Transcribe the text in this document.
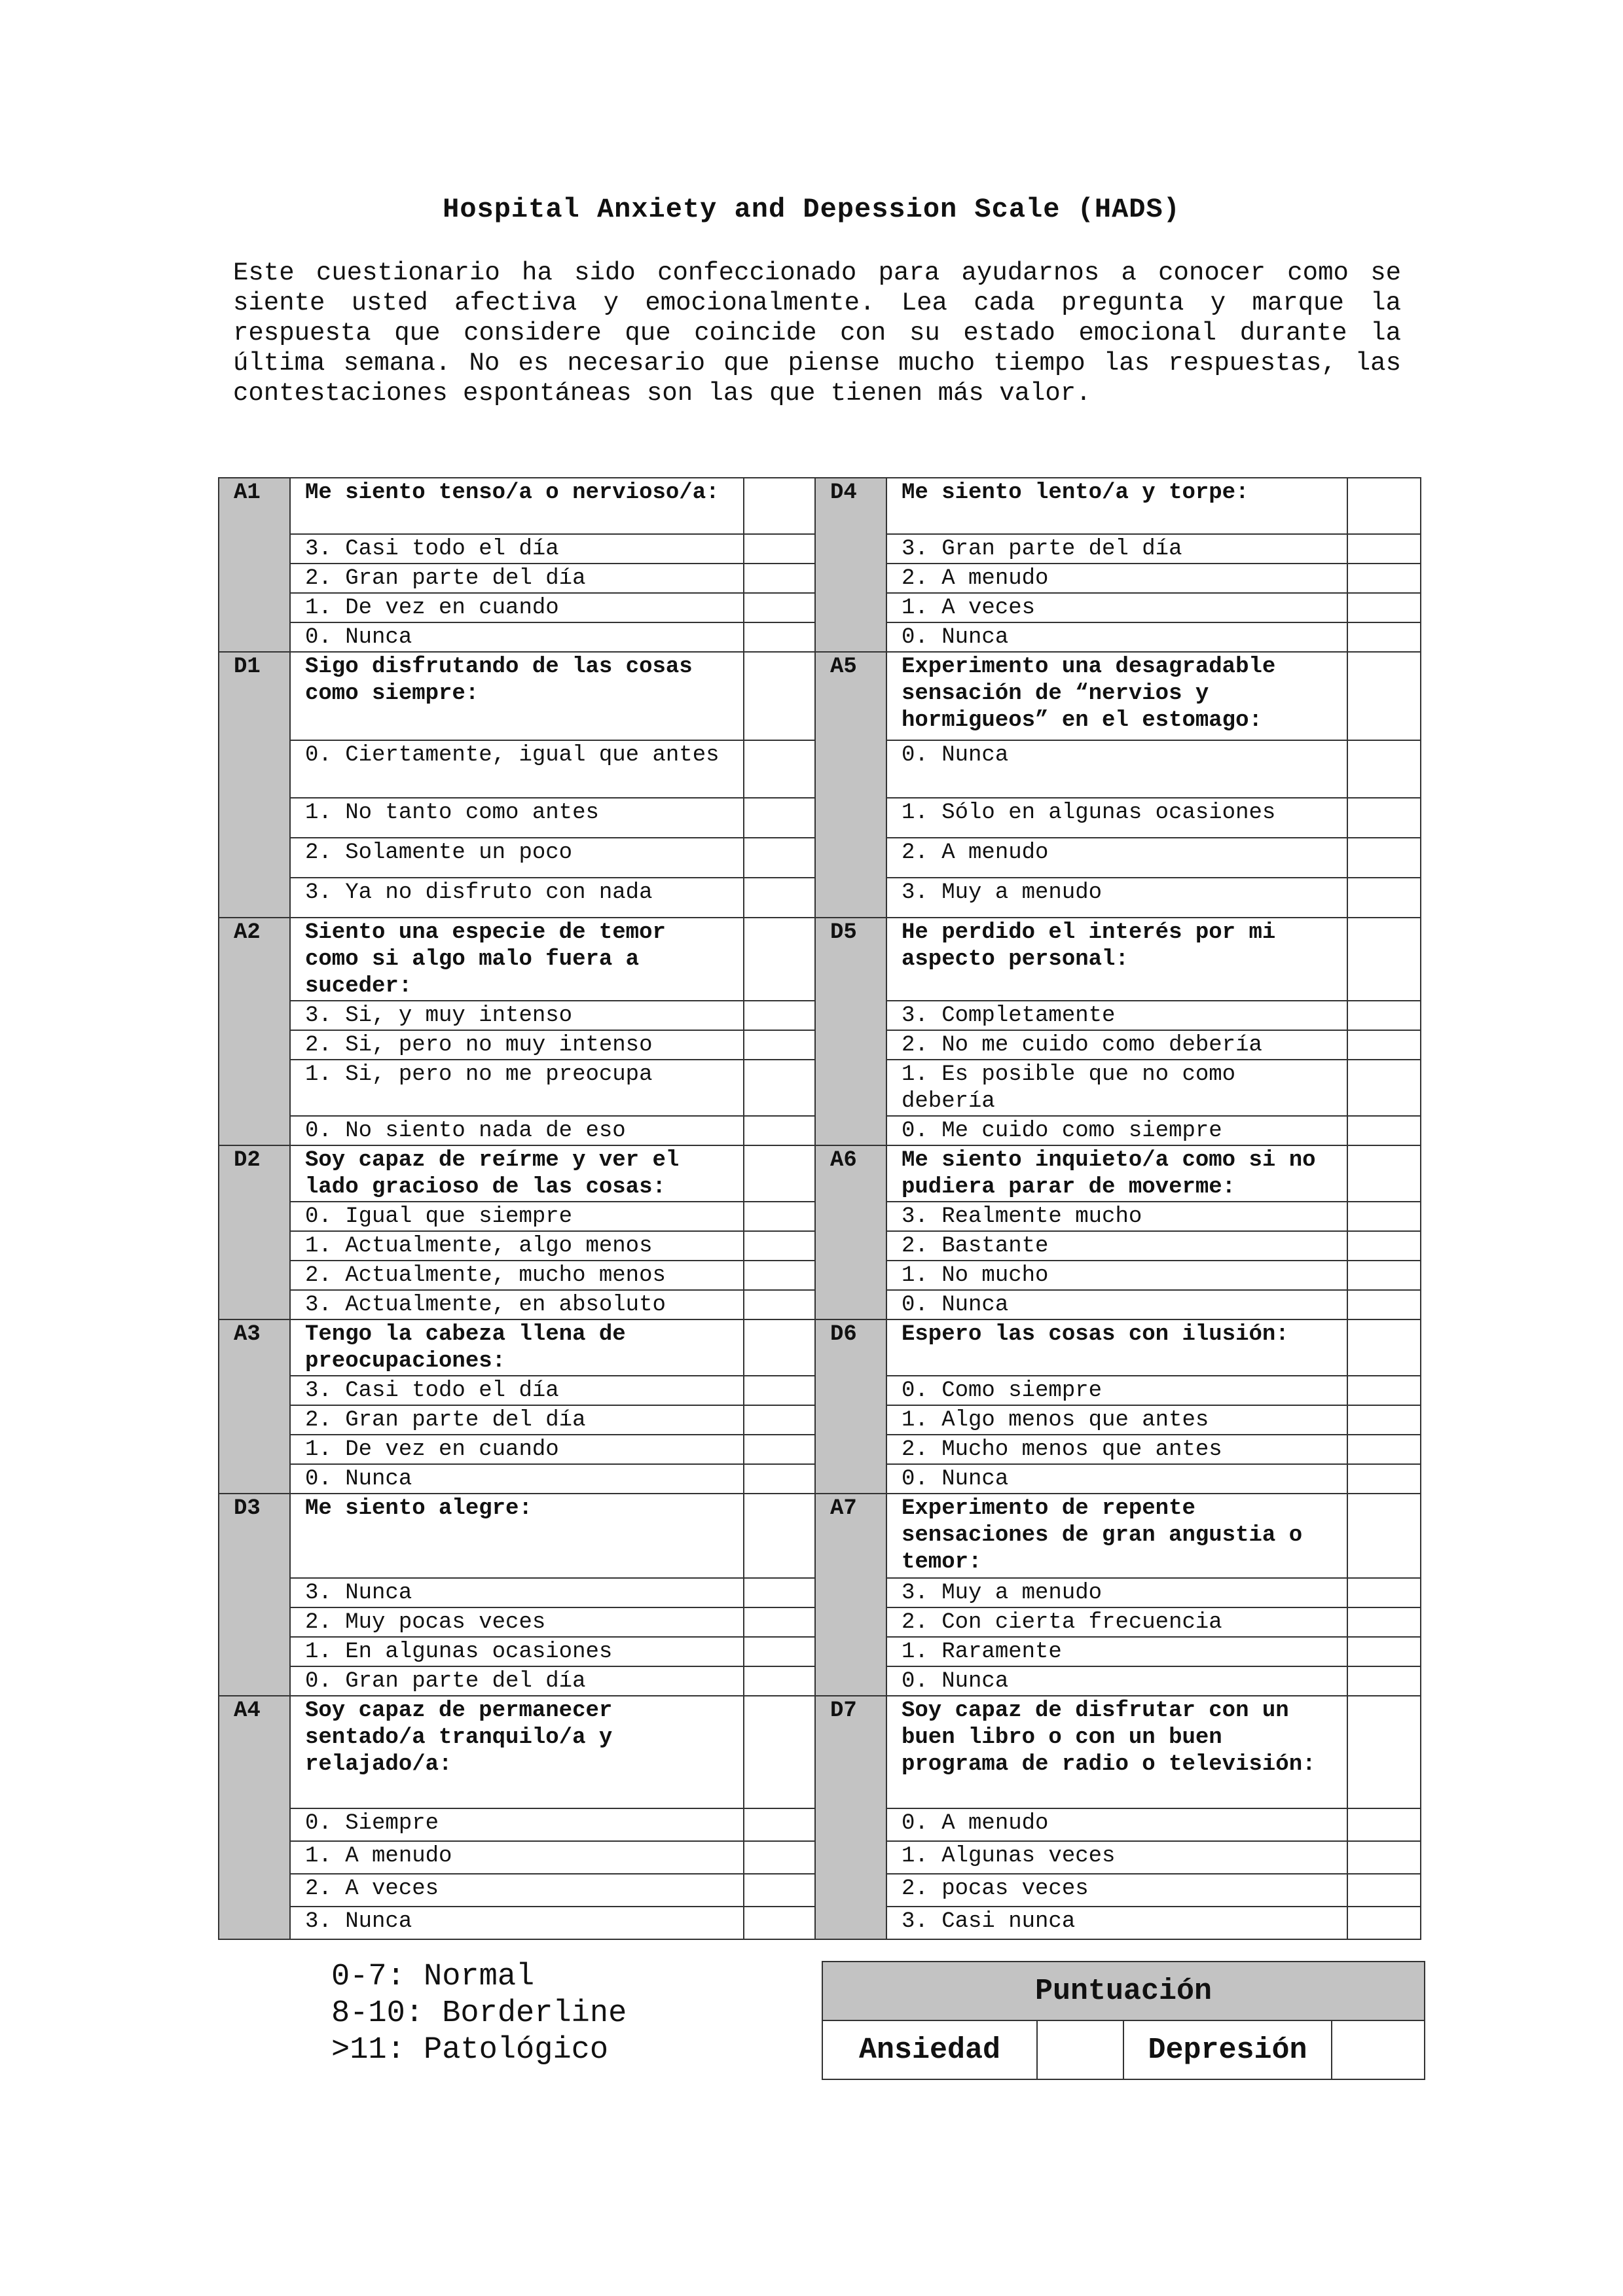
Hospital Anxiety and Depession Scale (HADS)
Este cuestionario ha sido confeccionado para ayudarnos a conocer como se siente usted afectiva y emocionalmente. Lea cada pregunta y marque la respuesta que considere que coincide con su estado emocional durante la última semana. No es necesario que piense mucho tiempo las respuestas, las contestaciones espontáneas son las que tienen más valor.
A1	Me siento tenso/a o nervioso/a:		D4	Me siento lento/a y torpe:	
	3. Casi todo el día			3. Gran parte del día	
	2. Gran parte del día			2. A menudo	
	1. De vez en cuando			1. A veces	
	0. Nunca			0. Nunca	
D1	Sigo disfrutando de las cosas como siempre:		A5	Experimento una desagradable sensación de “nervios y hormigueos” en el estomago:	
	0. Ciertamente, igual que antes			0. Nunca	
	1. No tanto como antes			1. Sólo en algunas ocasiones	
	2. Solamente un poco			2. A menudo	
	3. Ya no disfruto con nada			3. Muy a menudo	
A2	Siento una especie de temor como si algo malo fuera a suceder:		D5	He perdido el interés por mi aspecto personal:	
	3. Si, y muy intenso			3. Completamente	
	2. Si, pero no muy intenso			2. No me cuido como debería	
	1. Si, pero no me preocupa			1. Es posible que no como debería	
	0. No siento nada de eso			0. Me cuido como siempre	
D2	Soy capaz de reírme y ver el lado gracioso de las cosas:		A6	Me siento inquieto/a como si no pudiera parar de moverme:	
	0. Igual que siempre			3. Realmente mucho	
	1. Actualmente, algo menos			2. Bastante	
	2. Actualmente, mucho menos			1. No mucho	
	3. Actualmente, en absoluto			0. Nunca	
A3	Tengo la cabeza llena de preocupaciones:		D6	Espero las cosas con ilusión:	
	3. Casi todo el día			0. Como siempre	
	2. Gran parte del día			1. Algo menos que antes	
	1. De vez en cuando			2. Mucho menos que antes	
	0. Nunca			0. Nunca	
D3	Me siento alegre:		A7	Experimento de repente sensaciones de gran angustia o temor:	
	3. Nunca			3. Muy a menudo	
	2. Muy pocas veces			2. Con cierta frecuencia	
	1. En algunas ocasiones			1. Raramente	
	0. Gran parte del día			0. Nunca	
A4	Soy capaz de permanecer sentado/a tranquilo/a y relajado/a:		D7	Soy capaz de disfrutar con un buen libro o con un buen programa de radio o televisión:	
	0. Siempre			0. A menudo	
	1. A menudo			1. Algunas veces	
	2. A veces			2. pocas veces	
	3. Nunca			3. Casi nunca	
0-7: Normal
8-10: Borderline
>11: Patológico
Puntuación
Ansiedad		Depresión	
